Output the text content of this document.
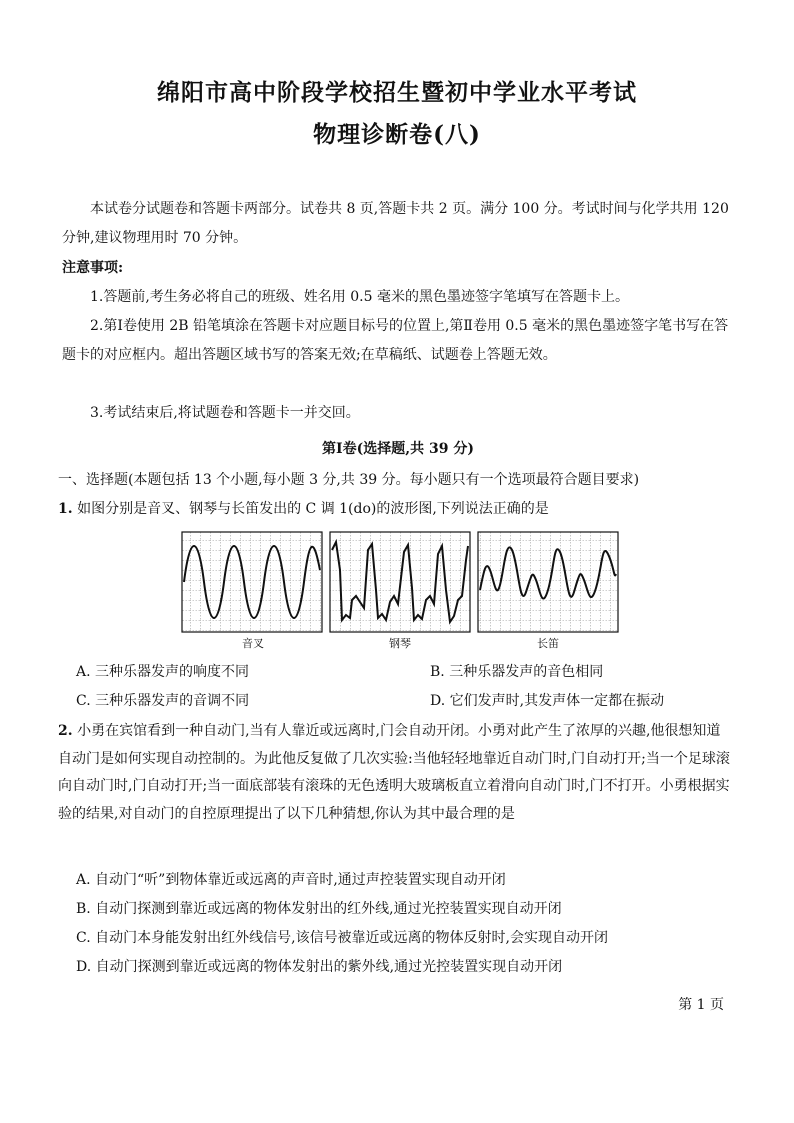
绵阳市高中阶段学校招生暨初中学业水平考试
物理诊断卷(八)
本试卷分试题卷和答题卡两部分。试卷共 8 页,答题卡共 2 页。满分 100 分。考试时间与化学共用 120 分钟,建议物理用时 70 分钟。
注意事项:
1.答题前,考生务必将自己的班级、姓名用 0.5 毫米的黑色墨迹签字笔填写在答题卡上。
2.第Ⅰ卷使用 2B 铅笔填涂在答题卡对应题目标号的位置上,第Ⅱ卷用 0.5 毫米的黑色墨迹签字笔书写在答题卡的对应框内。超出答题区域书写的答案无效;在草稿纸、试题卷上答题无效。
3.考试结束后,将试题卷和答题卡一并交回。
第Ⅰ卷(选择题,共 39 分)
一、选择题(本题包括 13 个小题,每小题 3 分,共 39 分。每小题只有一个选项最符合题目要求)
1. 如图分别是音叉、钢琴与长笛发出的 C 调 1(do)的波形图,下列说法正确的是
音叉	钢琴	长笛
A. 三种乐器发声的响度不同	B. 三种乐器发声的音色相同
C. 三种乐器发声的音调不同	D. 它们发声时,其发声体一定都在振动
2. 小勇在宾馆看到一种自动门,当有人靠近或远离时,门会自动开闭。小勇对此产生了浓厚的兴趣,他很想知道自动门是如何实现自动控制的。为此他反复做了几次实验:当他轻轻地靠近自动门时,门自动打开;当一个足球滚向自动门时,门自动打开;当一面底部装有滚珠的无色透明大玻璃板直立着滑向自动门时,门不打开。小勇根据实验的结果,对自动门的自控原理提出了以下几种猜想,你认为其中最合理的是
A. 自动门“听”到物体靠近或远离的声音时,通过声控装置实现自动开闭
B. 自动门探测到靠近或远离的物体发射出的红外线,通过光控装置实现自动开闭
C. 自动门本身能发射出红外线信号,该信号被靠近或远离的物体反射时,会实现自动开闭
D. 自动门探测到靠近或远离的物体发射出的紫外线,通过光控装置实现自动开闭
第 1 页
